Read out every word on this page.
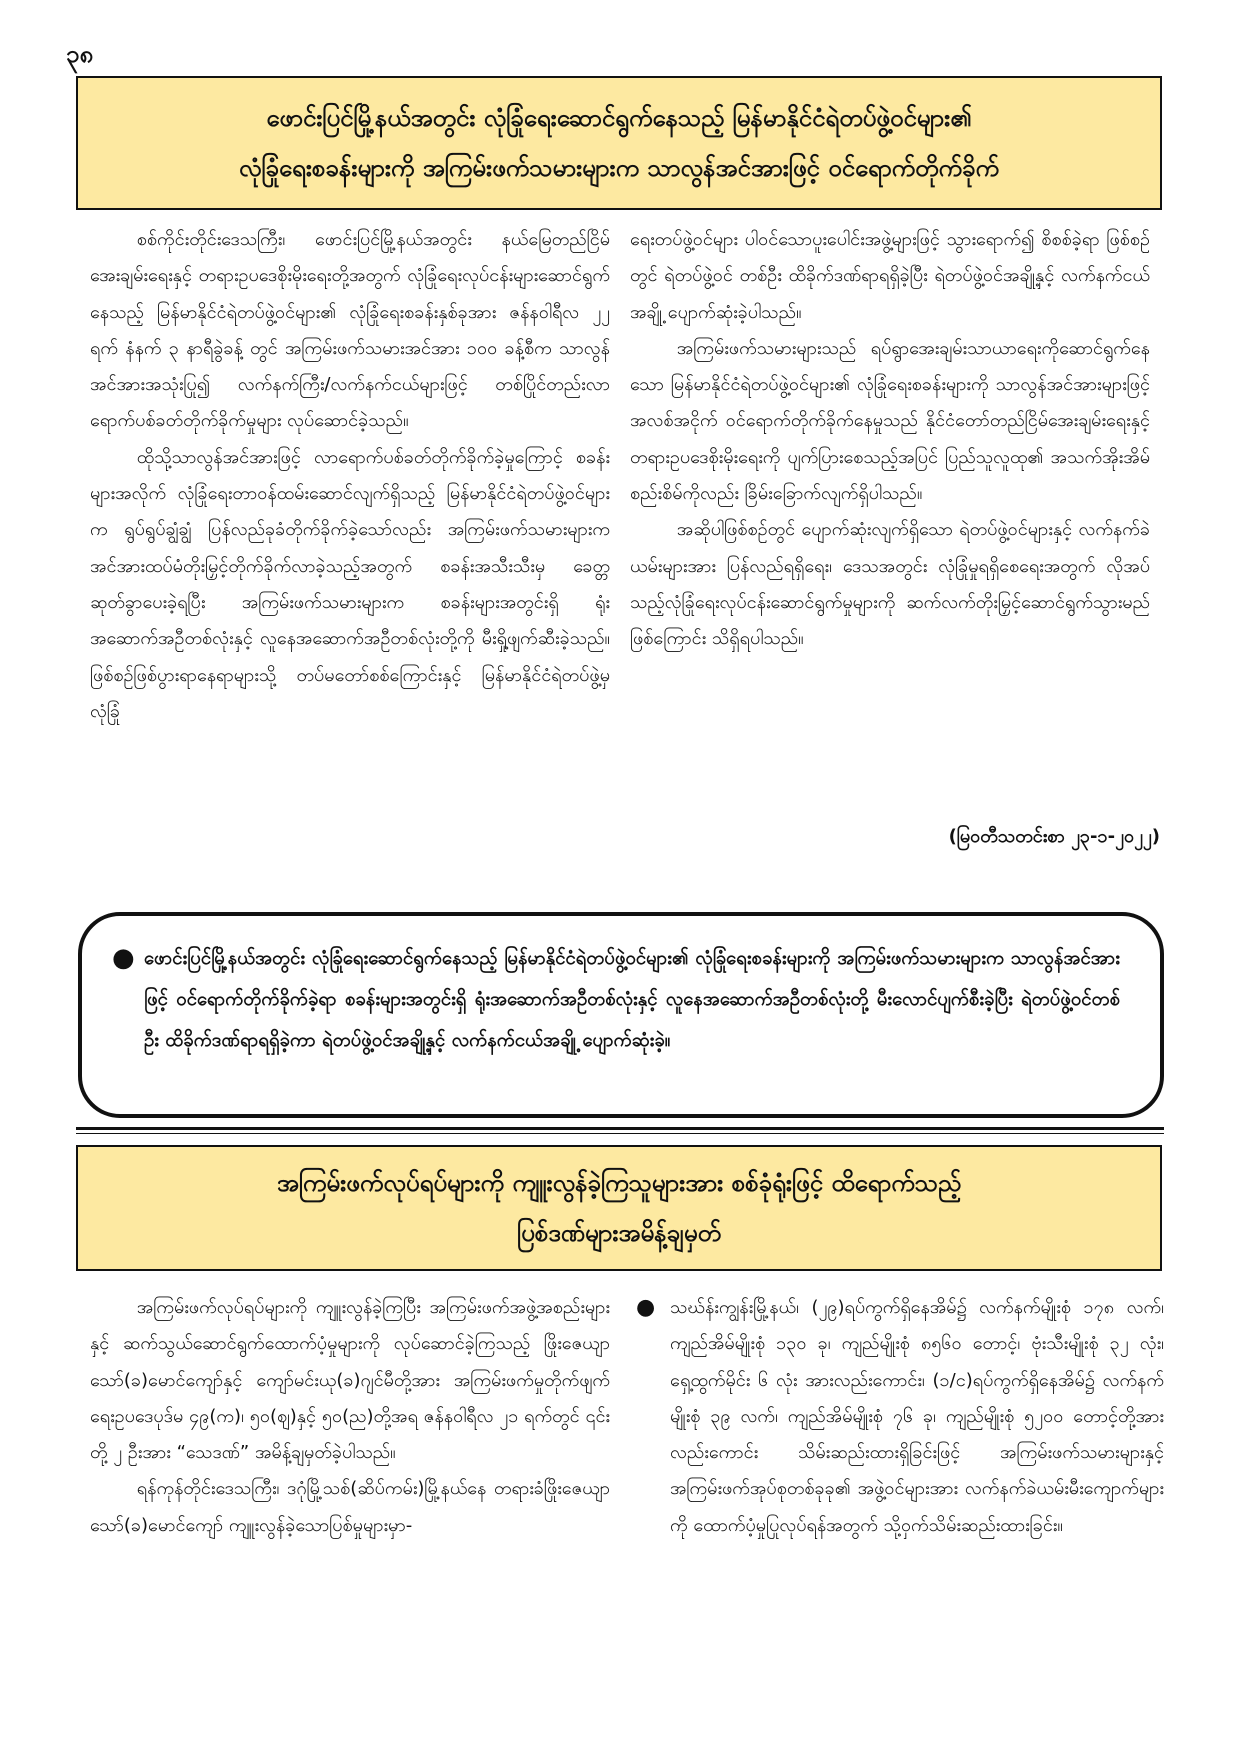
၃၈
ဖောင်းပြင်မြို့နယ်အတွင်း လုံခြုံရေးဆောင်ရွက်နေသည့် မြန်မာနိုင်ငံရဲတပ်ဖွဲ့ဝင်များ၏
လုံခြုံရေးစခန်းများကို အကြမ်းဖက်သမားများက သာလွန်အင်အားဖြင့် ဝင်ရောက်တိုက်ခိုက်

စစ်ကိုင်းတိုင်းဒေသကြီး၊ ဖောင်းပြင်မြို့နယ်အတွင်း နယ်မြေတည်ငြိမ်အေးချမ်းရေးနှင့် တရားဥပဒေစိုးမိုးရေးတို့အတွက် လုံခြုံရေးလုပ်ငန်းများဆောင်ရွက်နေသည့် မြန်မာနိုင်ငံရဲတပ်ဖွဲ့ဝင်များ၏ လုံခြုံရေးစခန်းနှစ်ခုအား ဇန်နဝါရီလ ၂၂ ရက် နံနက် ၃ နာရီခွဲခန့် တွင် အကြမ်းဖက်သမားအင်အား ၁၀၀ ခန့်စီက သာလွန်အင်အားအသုံးပြု၍ လက်နက်ကြီး/လက်နက်ငယ်များဖြင့် တစ်ပြိုင်တည်းလာရောက်ပစ်ခတ်တိုက်ခိုက်မှုများ လုပ်ဆောင်ခဲ့သည်။

ထိုသို့သာလွန်အင်အားဖြင့် လာရောက်ပစ်ခတ်တိုက်ခိုက်ခဲ့မှုကြောင့် စခန်းများအလိုက် လုံခြုံရေးတာဝန်ထမ်းဆောင်လျက်ရှိသည့် မြန်မာနိုင်ငံရဲတပ်ဖွဲ့ဝင်များက ရွပ်ရွပ်ချွံချွံ ပြန်လည်ခုခံတိုက်ခိုက်ခဲ့သော်လည်း အကြမ်းဖက်သမားများက အင်အားထပ်မံတိုးမြှင့်တိုက်ခိုက်လာခဲ့သည့်အတွက် စခန်းအသီးသီးမှ ခေတ္တဆုတ်ခွာပေးခဲ့ရပြီး အကြမ်းဖက်သမားများက စခန်းများအတွင်းရှိ ရုံးအဆောက်အဦတစ်လုံးနှင့် လူနေအဆောက်အဦတစ်လုံးတို့ကို မီးရှို့ဖျက်ဆီးခဲ့သည်။ ဖြစ်စဉ်ဖြစ်ပွားရာနေရာများသို့ တပ်မတော်စစ်ကြောင်းနှင့် မြန်မာနိုင်ငံရဲတပ်ဖွဲ့မှ လုံခြုံ

ရေးတပ်ဖွဲ့ဝင်များ ပါဝင်သောပူးပေါင်းအဖွဲ့များဖြင့် သွားရောက်၍ စိစစ်ခဲ့ရာ ဖြစ်စဉ်တွင် ရဲတပ်ဖွဲ့ဝင် တစ်ဦး ထိခိုက်ဒဏ်ရာရရှိခဲ့ပြီး ရဲတပ်ဖွဲ့ဝင်အချို့နှင့် လက်နက်ငယ်အချို့ ပျောက်ဆုံးခဲ့ပါသည်။

အကြမ်းဖက်သမားများသည် ရပ်ရွာအေးချမ်းသာယာရေးကိုဆောင်ရွက်နေသော မြန်မာနိုင်ငံရဲတပ်ဖွဲ့ဝင်များ၏ လုံခြုံရေးစခန်းများကို သာလွန်အင်အားများဖြင့် အလစ်အငိုက် ဝင်ရောက်တိုက်ခိုက်နေမှုသည် နိုင်ငံတော်တည်ငြိမ်အေးချမ်းရေးနှင့် တရားဥပဒေစိုးမိုးရေးကို ပျက်ပြားစေသည့်အပြင် ပြည်သူလူထု၏ အသက်အိုးအိမ်စည်းစိမ်ကိုလည်း ခြိမ်းခြောက်လျက်ရှိပါသည်။

အဆိုပါဖြစ်စဉ်တွင် ပျောက်ဆုံးလျက်ရှိသော ရဲတပ်ဖွဲ့ဝင်များနှင့် လက်နက်ခဲယမ်းများအား ပြန်လည်ရရှိရေး၊ ဒေသအတွင်း လုံခြုံမှုရရှိစေရေးအတွက် လိုအပ်သည့်လုံခြုံရေးလုပ်ငန်းဆောင်ရွက်မှုများကို ဆက်လက်တိုးမြှင့်ဆောင်ရွက်သွားမည်ဖြစ်ကြောင်း သိရှိရပါသည်။

(မြဝတီသတင်းစာ ၂၃-၁-၂၀၂၂)
● ဖောင်းပြင်မြို့နယ်အတွင်း လုံခြုံရေးဆောင်ရွက်နေသည့် မြန်မာနိုင်ငံရဲတပ်ဖွဲ့ဝင်များ၏ လုံခြုံရေးစခန်းများကို အကြမ်းဖက်သမားများက သာလွန်အင်အားဖြင့် ဝင်ရောက်တိုက်ခိုက်ခဲ့ရာ စခန်းများအတွင်းရှိ ရုံးအဆောက်အဦတစ်လုံးနှင့် လူနေအဆောက်အဦတစ်လုံးတို့ မီးလောင်ပျက်စီးခဲ့ပြီး ရဲတပ်ဖွဲ့ဝင်တစ်ဦး ထိခိုက်ဒဏ်ရာရရှိခဲ့ကာ ရဲတပ်ဖွဲ့ဝင်အချို့နှင့် လက်နက်ငယ်အချို့ ပျောက်ဆုံးခဲ့။
အကြမ်းဖက်လုပ်ရပ်များကို ကျူးလွန်ခဲ့ကြသူများအား စစ်ခုံရုံးဖြင့် ထိရောက်သည့်
ပြစ်ဒဏ်များအမိန့်ချမှတ်

အကြမ်းဖက်လုပ်ရပ်များကို ကျူးလွန်ခဲ့ကြပြီး အကြမ်းဖက်အဖွဲ့အစည်းများနှင့် ဆက်သွယ်ဆောင်ရွက်ထောက်ပံ့မှုများကို လုပ်ဆောင်ခဲ့ကြသည့် ဖြိုးဇေယျာသော်(ခ)မောင်ကျော်နှင့် ကျော်မင်းယု(ခ)ဂျင်မီတို့အား အကြမ်းဖက်မှုတိုက်ဖျက်ရေးဥပဒေပုဒ်မ ၄၉(က)၊ ၅၀(ဈ)နှင့် ၅၀(ည)တို့အရ ဇန်နဝါရီလ ၂၁ ရက်တွင် ၎င်းတို့ ၂ ဦးအား “သေဒဏ်” အမိန့်ချမှတ်ခဲ့ပါသည်။

ရန်ကုန်တိုင်းဒေသကြီး၊ ဒဂုံမြို့သစ်(ဆိပ်ကမ်း)မြို့နယ်နေ တရားခံဖြိုးဇေယျာသော်(ခ)မောင်ကျော် ကျူးလွန်ခဲ့သောပြစ်မှုများမှာ-

● သဃ်န်းကျွန်းမြို့နယ်၊ (၂၉)ရပ်ကွက်ရှိနေအိမ်၌ လက်နက်မျိုးစုံ ၁၇၈ လက်၊ ကျည်အိမ်မျိုးစုံ ၁၃၀ ခု၊ ကျည်မျိုးစုံ ၈၅၆၀ တောင့်၊ ဗုံးသီးမျိုးစုံ ၃၂ လုံး၊ ရှေ့ထွက်မိုင်း ၆ လုံး အားလည်းကောင်း၊ (၁/င)ရပ်ကွက်ရှိနေအိမ်၌ လက်နက်မျိုးစုံ ၃၉ လက်၊ ကျည်အိမ်မျိုးစုံ ၇၆ ခု၊ ကျည်မျိုးစုံ ၅၂၀၀ တောင့်တို့အားလည်းကောင်း သိမ်းဆည်းထားရှိခြင်းဖြင့် အကြမ်းဖက်သမားများနှင့် အကြမ်းဖက်အုပ်စုတစ်ခုခု၏ အဖွဲ့ဝင်များအား လက်နက်ခဲယမ်းမီးကျောက်များကို ထောက်ပံ့မှုပြုလုပ်ရန်အတွက် သို့ဝှက်သိမ်းဆည်းထားခြင်း။
